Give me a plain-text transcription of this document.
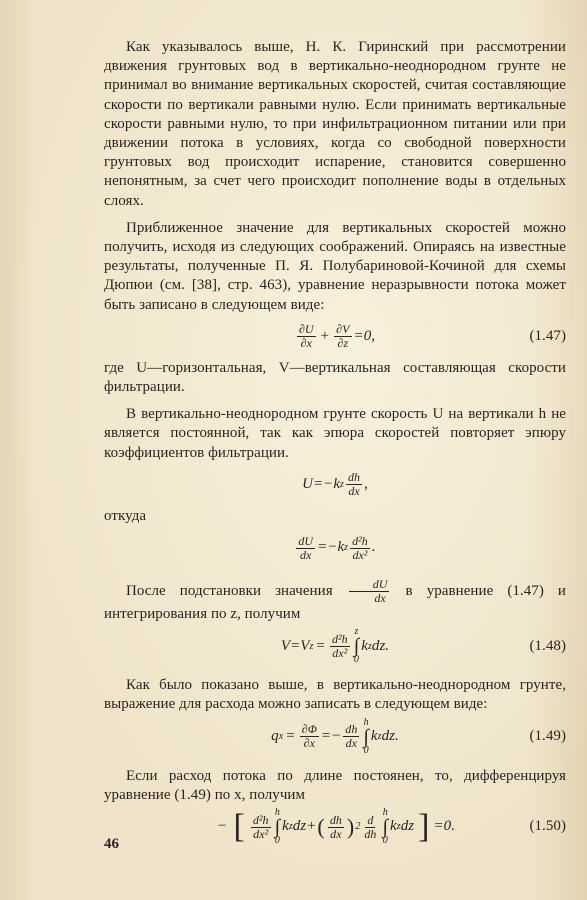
Как указывалось выше, Н. К. Гиринский при рассмотрении движения грунтовых вод в вертикально-неоднородном грунте не принимал во внимание вертикальных скоростей, считая составляющие скорости по вертикали равными нулю. Если принимать вертикальные скорости равными нулю, то при инфильтрационном питании или при движении потока в условиях, когда со свободной поверхности грунтовых вод происходит испарение, становится совершенно непонятным, за счет чего происходит пополнение воды в отдельных слоях.

Приближенное значение для вертикальных скоростей можно получить, исходя из следующих соображений. Опираясь на известные результаты, полученные П. Я. Полубариновой-Кочиной для схемы Дюпюи (см. [38], стр. 463), уравнение неразрывности потока может быть записано в следующем виде:

$\frac{\partial U}{\partial x} + \frac{\partial V}{\partial z} =0$,	(1.47)

где U—горизонтальная, V—вертикальная составляющая скорости фильтрации.

В вертикально-неоднородном грунте скорость U на вертикали h не является постоянной, так как эпюра скоростей повторяет эпюру коэффициентов фильтрации.

U=−k z $\frac{dh}{dx}$ ,

откуда

$\frac{dU}{dx} =-k$ z $\frac{\text{d²h}}{\text{dx²}}$ .

После подстановки значения $\frac{dU}{dx}$ в уравнение (1.47) и интегрирования по z, получим

V=V $z = \frac{\text{d²h}}{\text{dx²}}$
z
∫
0
k z dz.	(1.48)

Как было показано выше, в вертикально-неоднородном грунте, выражение для расхода можно записать в следующем виде:

q $x = \frac{\partial\Phi}{\partial x} =- \frac{dh}{dx}$
h
∫
0
k z dz.	(1.49)

Если расход потока по длине постоянен, то, дифференцируя уравнение (1.49) по x, получим

− [ $\frac{\text{d²h}}{\text{dx²}}$
h
∫
0
k z dz+ ( $\frac{dh}{dx}$ ) $2 \frac{d}{dh}$
h
∫
0
k z dz ] =0.	(1.50)
46
